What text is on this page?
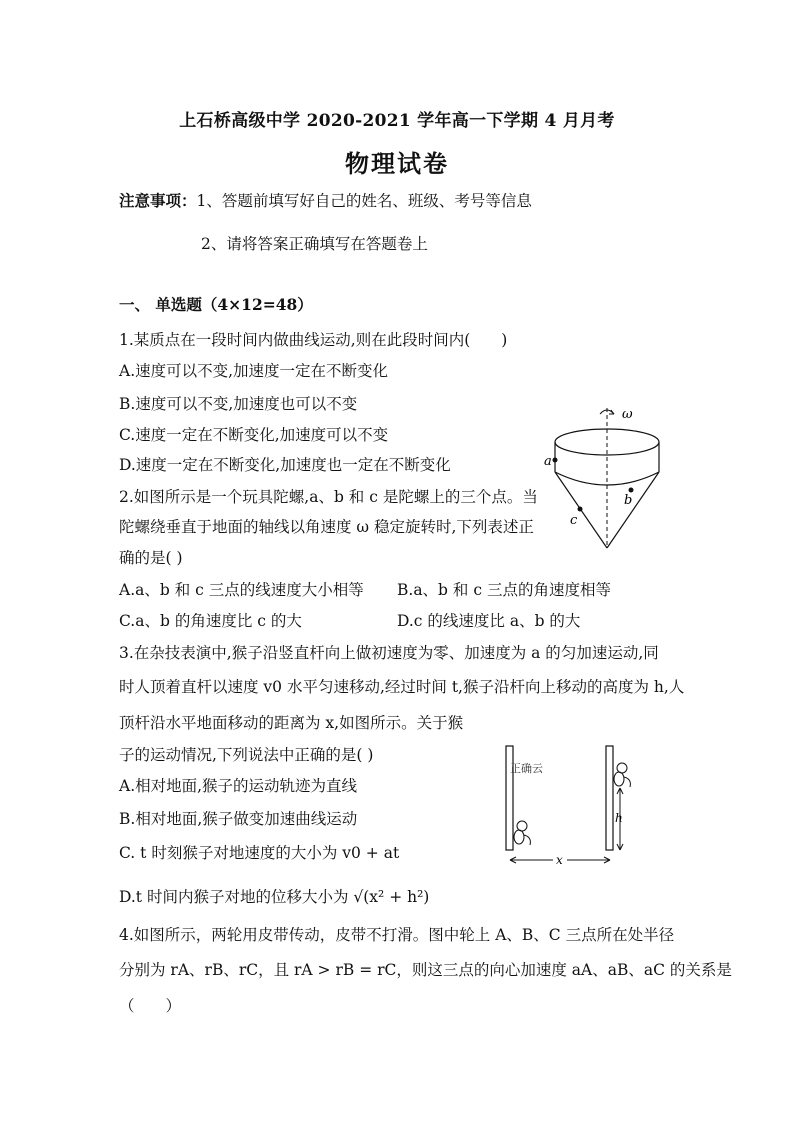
上石桥高级中学 2020-2021 学年高一下学期 4 月月考
物理试卷
注意事项：1、答题前填写好自己的姓名、班级、考号等信息
2、请将答案正确填写在答题卷上
一、 单选题（4×12=48）
1.某质点在一段时间内做曲线运动,则在此段时间内(　　)
A.速度可以不变,加速度一定在不断变化
B.速度可以不变,加速度也可以不变
C.速度一定在不断变化,加速度可以不变
D.速度一定在不断变化,加速度也一定在不断变化
2.如图所示是一个玩具陀螺,a、b 和 c 是陀螺上的三个点。当
陀螺绕垂直于地面的轴线以角速度 ω 稳定旋转时,下列表述正
确的是( )
A.a、b 和 c 三点的线速度大小相等 B.a、b 和 c 三点的角速度相等
C.a、b 的角速度比 c 的大	D.c 的线速度比 a、b 的大
ω
a
b
c
3.在杂技表演中,猴子沿竖直杆向上做初速度为零、加速度为 a 的匀加速运动,同
时人顶着直杆以速度 v0 水平匀速移动,经过时间 t,猴子沿杆向上移动的高度为 h,人
顶杆沿水平地面移动的距离为 x,如图所示。关于猴
子的运动情况,下列说法中正确的是( )
A.相对地面,猴子的运动轨迹为直线
B.相对地面,猴子做变加速曲线运动
C. t 时刻猴子对地速度的大小为 v0 + at
D.t 时间内猴子对地的位移大小为 √(x² + h²)
正确云
h
x
4.如图所示，两轮用皮带传动，皮带不打滑。图中轮上 A、B、C 三点所在处半径
分别为 rA、rB、rC，且 rA > rB = rC，则这三点的向心加速度 aA、aB、aC 的关系是
（　　）
